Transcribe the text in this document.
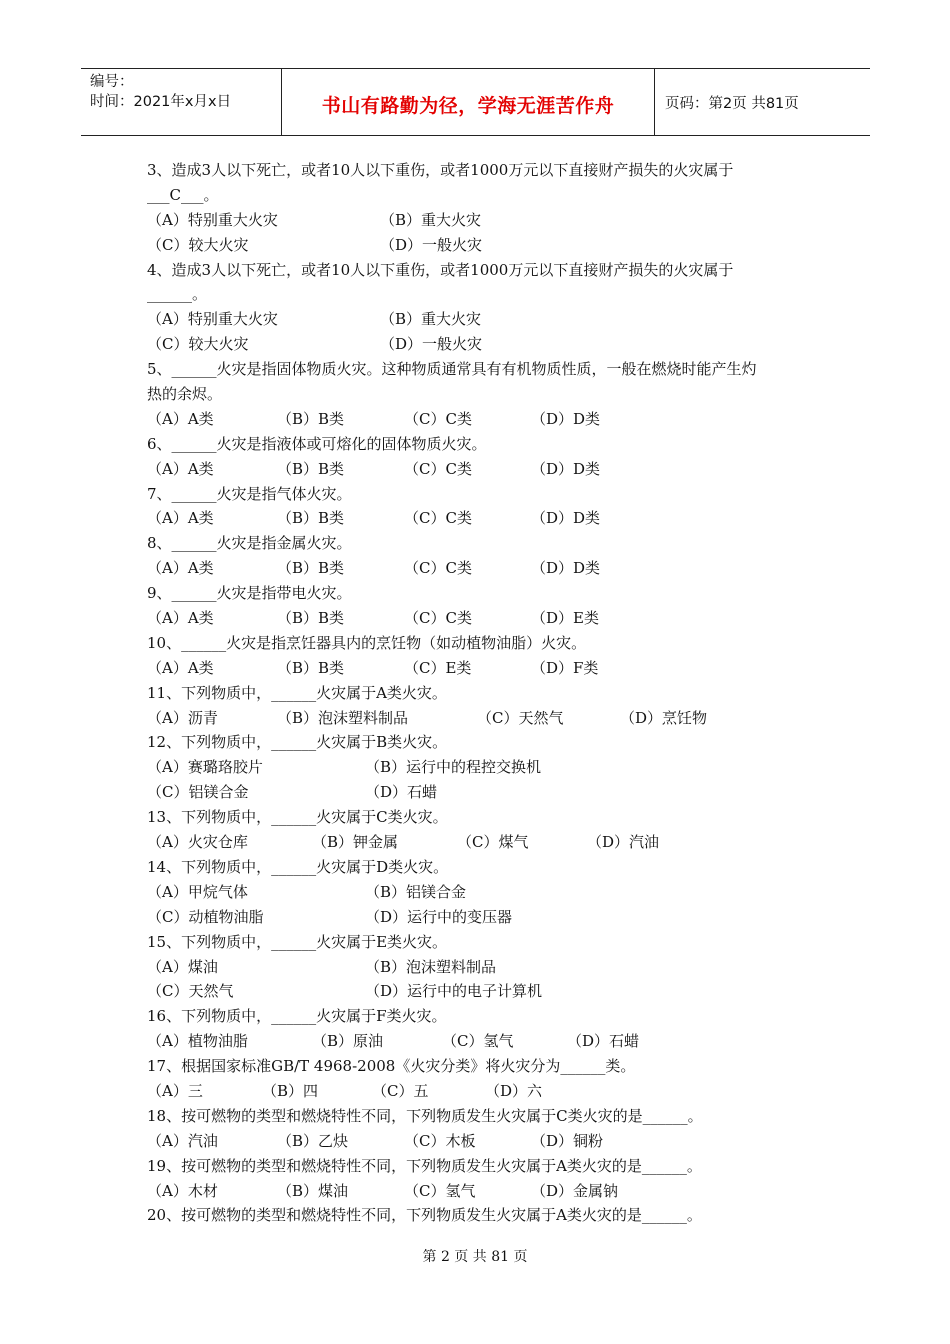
编号：
时间：2021年x月x日	书山有路勤为径，学海无涯苦作舟	页码：第2页 共81页
3、造成3人以下死亡，或者10人以下重伤，或者1000万元以下直接财产损失的火灾属于
___C___。
（A）特别重大火灾	（B）重大火灾
（C）较大火灾	（D）一般火灾
4、造成3人以下死亡，或者10人以下重伤，或者1000万元以下直接财产损失的火灾属于
______。
（A）特别重大火灾	（B）重大火灾
（C）较大火灾	（D）一般火灾
5、______火灾是指固体物质火灾。这种物质通常具有有机物质性质，一般在燃烧时能产生灼
热的余烬。
（A）A类	（B）B类	（C）C类	（D）D类
6、______火灾是指液体或可熔化的固体物质火灾。
（A）A类	（B）B类	（C）C类	（D）D类
7、______火灾是指气体火灾。
（A）A类	（B）B类	（C）C类	（D）D类
8、______火灾是指金属火灾。
（A）A类	（B）B类	（C）C类	（D）D类
9、______火灾是指带电火灾。
（A）A类	（B）B类	（C）C类	（D）E类
10、______火灾是指烹饪器具内的烹饪物（如动植物油脂）火灾。
（A）A类	（B）B类	（C）E类	（D）F类
11、下列物质中，______火灾属于A类火灾。
（A）沥青	（B）泡沫塑料制品	（C）天然气	（D）烹饪物
12、下列物质中，______火灾属于B类火灾。
（A）赛璐珞胶片	（B）运行中的程控交换机
（C）铝镁合金	（D）石蜡
13、下列物质中，______火灾属于C类火灾。
（A）火灾仓库	（B）钾金属	（C）煤气	（D）汽油
14、下列物质中，______火灾属于D类火灾。
（A）甲烷气体	（B）铝镁合金
（C）动植物油脂	（D）运行中的变压器
15、下列物质中，______火灾属于E类火灾。
（A）煤油	（B）泡沫塑料制品
（C）天然气	（D）运行中的电子计算机
16、下列物质中，______火灾属于F类火灾。
（A）植物油脂	（B）原油	（C）氢气	（D）石蜡
17、根据国家标准GB/T 4968-2008《火灾分类》将火灾分为______类。
（A）三	（B）四	（C）五	（D）六
18、按可燃物的类型和燃烧特性不同，下列物质发生火灾属于C类火灾的是______。
（A）汽油	（B）乙炔	（C）木板	（D）铜粉
19、按可燃物的类型和燃烧特性不同，下列物质发生火灾属于A类火灾的是______。
（A）木材	（B）煤油	（C）氢气	（D）金属钠
20、按可燃物的类型和燃烧特性不同，下列物质发生火灾属于A类火灾的是______。
第 2 页 共 81 页
